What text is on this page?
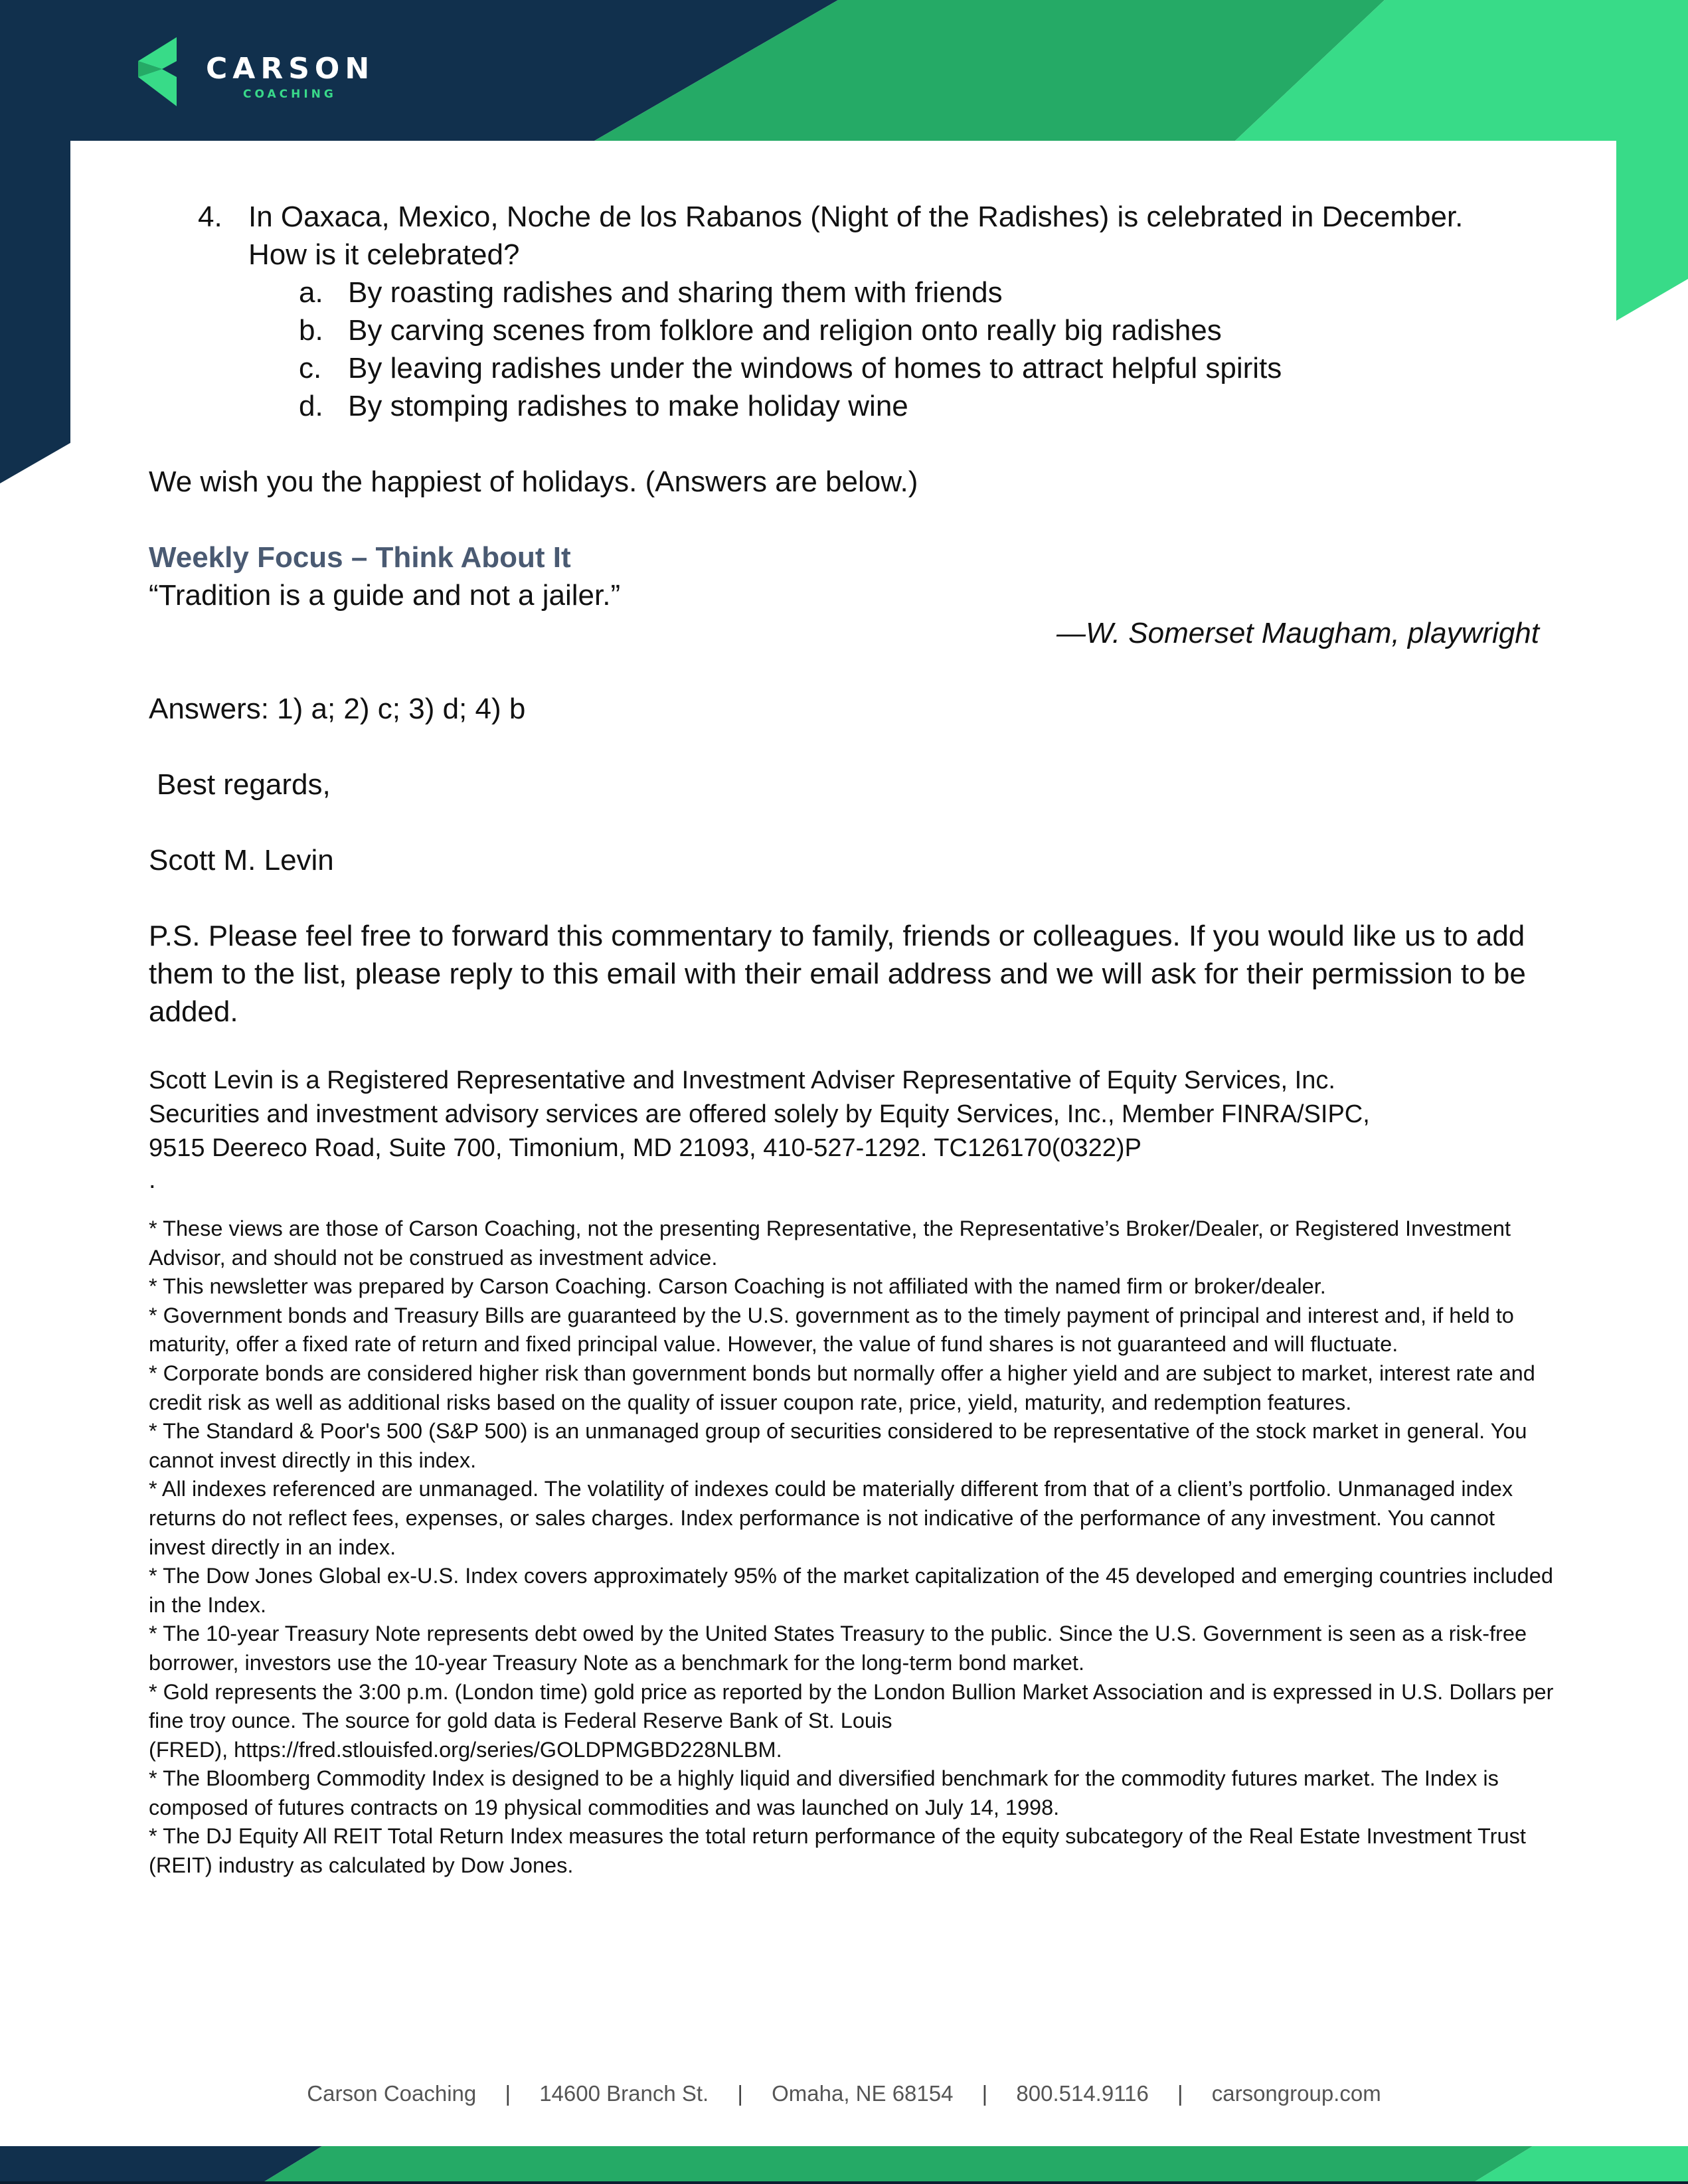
CARSON
COACHING
4. In Oaxaca, Mexico, Noche de los Rabanos (Night of the Radishes) is celebrated in December.
How is it celebrated?
a. By roasting radishes and sharing them with friends
b. By carving scenes from folklore and religion onto really big radishes
c. By leaving radishes under the windows of homes to attract helpful spirits
d. By stomping radishes to make holiday wine

We wish you the happiest of holidays. (Answers are below.)

Weekly Focus – Think About It

“Tradition is a guide and not a jailer.”

—W. Somerset Maugham, playwright

Answers: 1) a; 2) c; 3) d; 4) b

Best regards,

Scott M. Levin

P.S. Please feel free to forward this commentary to family, friends or colleagues. If you would like us to add them to the list, please reply to this email with their email address and we will ask for their permission to be added.

Scott Levin is a Registered Representative and Investment Adviser Representative of Equity Services, Inc.

Securities and investment advisory services are offered solely by Equity Services, Inc., Member FINRA/SIPC,

9515 Deereco Road, Suite 700, Timonium, MD 21093, 410-527-1292. TC126170(0322)P

.

* These views are those of Carson Coaching, not the presenting Representative, the Representative’s Broker/Dealer, or Registered Investment Advisor, and should not be construed as investment advice.

* This newsletter was prepared by Carson Coaching. Carson Coaching is not affiliated with the named firm or broker/dealer.

* Government bonds and Treasury Bills are guaranteed by the U.S. government as to the timely payment of principal and interest and, if held to maturity, offer a fixed rate of return and fixed principal value. However, the value of fund shares is not guaranteed and will fluctuate.

* Corporate bonds are considered higher risk than government bonds but normally offer a higher yield and are subject to market, interest rate and credit risk as well as additional risks based on the quality of issuer coupon rate, price, yield, maturity, and redemption features.

* The Standard & Poor's 500 (S&P 500) is an unmanaged group of securities considered to be representative of the stock market in general. You cannot invest directly in this index.

* All indexes referenced are unmanaged. The volatility of indexes could be materially different from that of a client’s portfolio. Unmanaged index returns do not reflect fees, expenses, or sales charges. Index performance is not indicative of the performance of any investment. You cannot invest directly in an index.

* The Dow Jones Global ex-U.S. Index covers approximately 95% of the market capitalization of the 45 developed and emerging countries included in the Index.

* The 10-year Treasury Note represents debt owed by the United States Treasury to the public. Since the U.S. Government is seen as a risk-free borrower, investors use the 10-year Treasury Note as a benchmark for the long-term bond market.

* Gold represents the 3:00 p.m. (London time) gold price as reported by the London Bullion Market Association and is expressed in U.S. Dollars per fine troy ounce. The source for gold data is Federal Reserve Bank of St. Louis

(FRED), https://fred.stlouisfed.org/series/GOLDPMGBD228NLBM.

* The Bloomberg Commodity Index is designed to be a highly liquid and diversified benchmark for the commodity futures market. The Index is composed of futures contracts on 19 physical commodities and was launched on July 14, 1998.

* The DJ Equity All REIT Total Return Index measures the total return performance of the equity subcategory of the Real Estate Investment Trust (REIT) industry as calculated by Dow Jones.

Carson Coaching | 14600 Branch St. | Omaha, NE 68154 | 800.514.9116 | carsongroup.com
